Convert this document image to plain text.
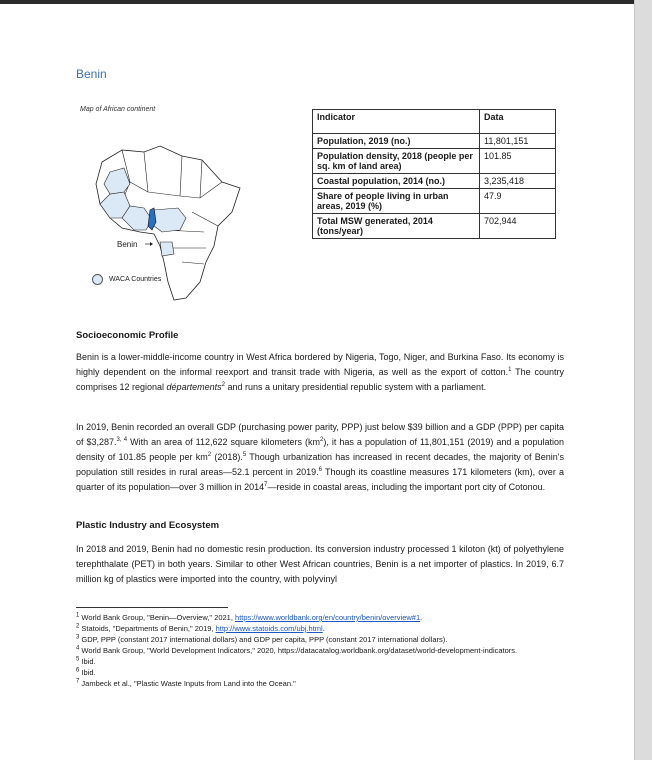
Benin
Map of African continent
Benin
WACA Countries
Indicator	Data
Population, 2019 (no.)	11,801,151
Population density, 2018 (people per sq. km of land area)	101.85
Coastal population, 2014 (no.)	3,235,418
Share of people living in urban areas, 2019 (%)	47.9
Total MSW generated, 2014 (tons/year)	702,944
Socioeconomic Profile

Benin is a lower-middle-income country in West Africa bordered by Nigeria, Togo, Niger, and Burkina Faso. Its economy is highly dependent on the informal reexport and transit trade with Nigeria, as well as the export of cotton.$^1$ The country comprises 12 regional départements$^2$ and runs a unitary presidential republic system with a parliament.

In 2019, Benin recorded an overall GDP (purchasing power parity, PPP) just below $39 billion and a GDP (PPP) per capita of $3,287.$^{3, 4}$ With an area of 112,622 square kilometers $(km^2)$, it has a population of 11,801,151 (2019) and a population density of 101.85 people per $km^2$ (2018).$^5$ Though urbanization has increased in recent decades, the majority of Benin's population still resides in rural areas—52.1 percent in 2019.$^6$ Though its coastline measures 171 kilometers (km), over a quarter of its population—over 3 million in 2014$^7$—reside in coastal areas, including the important port city of Cotonou.

Plastic Industry and Ecosystem

In 2018 and 2019, Benin had no domestic resin production. Its conversion industry processed 1 kiloton (kt) of polyethylene terephthalate (PET) in both years. Similar to other West African countries, Benin is a net importer of plastics. In 2019, 6.7 million kg of plastics were imported into the country, with polyvinyl

$^1$ World Bank Group, "Benin—Overview," 2021, https://www.worldbank.org/en/country/benin/overview#1.
$^2$ Statoids, "Departments of Benin," 2019, http://www.statoids.com/ubj.html.
$^3$ GDP, PPP (constant 2017 international dollars) and GDP per capita, PPP (constant 2017 international dollars).
$^4$ World Bank Group, "World Development Indicators," 2020, https://datacatalog.worldbank.org/dataset/world-development-indicators.
$^5$ Ibid.
$^6$ Ibid.
$^7$ Jambeck et al., "Plastic Waste Inputs from Land into the Ocean."
